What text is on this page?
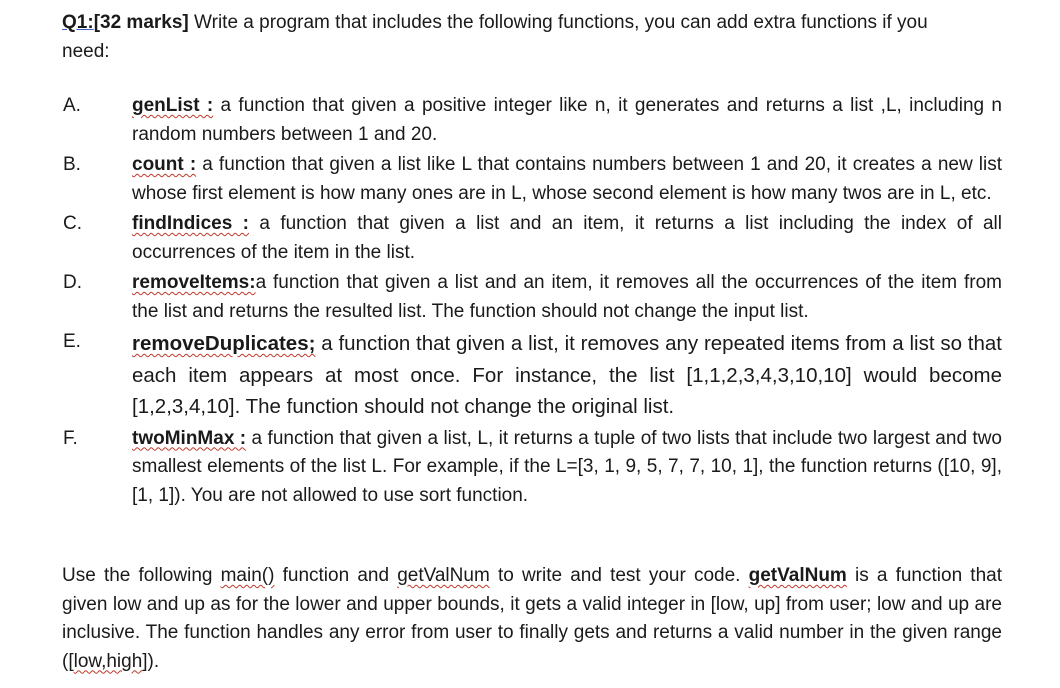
Q1:[32 marks] Write a program that includes the following functions, you can add extra functions if you
need:
A.	genList : a function that given a positive integer like n, it generates and returns a list ,L, including n random numbers between 1 and 20.
B.	count : a function that given a list like L that contains numbers between 1 and 20, it creates a new list whose first element is how many ones are in L, whose second element is how many twos are in L, etc.
C.	findIndices : a function that given a list and an item, it returns a list including the index of all occurrences of the item in the list.
D.	removeItems:a function that given a list and an item, it removes all the occurrences of the item from the list and returns the resulted list. The function should not change the input list.
E.	removeDuplicates; a function that given a list, it removes any repeated items from a list so that each item appears at most once. For instance, the list [1,1,2,3,4,3,10,10] would become [1,2,3,4,10]. The function should not change the original list.
F.	twoMinMax : a function that given a list, L, it returns a tuple of two lists that include two largest and two smallest elements of the list L. For example, if the L=[3, 1, 9, 5, 7, 7, 10, 1], the function returns ([10, 9],[1, 1]). You are not allowed to use sort function.
Use the following main() function and getValNum to write and test your code. getValNum is a function that given low and up as for the lower and upper bounds, it gets a valid integer in [low, up] from user; low and up are inclusive. The function handles any error from user to finally gets and returns a valid number in the given range ([low,high]).
